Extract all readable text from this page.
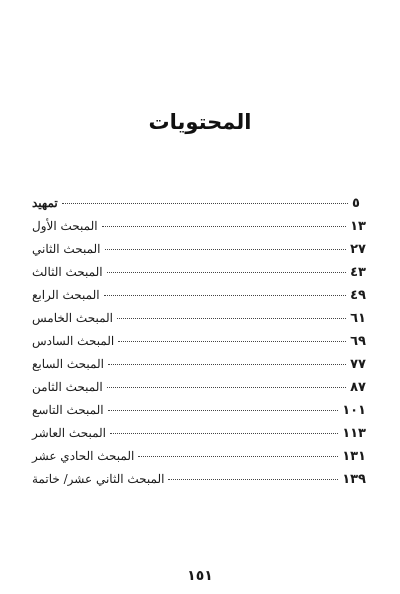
المحتويات
تمهيد	٥
المبحث الأول	١٣
المبحث الثاني	٢٧
المبحث الثالث	٤٣
المبحث الرابع	٤٩
المبحث الخامس	٦١
المبحث السادس	٦٩
المبحث السابع	٧٧
المبحث الثامن	٨٧
المبحث التاسع	١٠١
المبحث العاشر	١١٣
المبحث الحادي عشر	١٣١
المبحث الثاني عشر/ خاتمة	١٣٩
١٥١
